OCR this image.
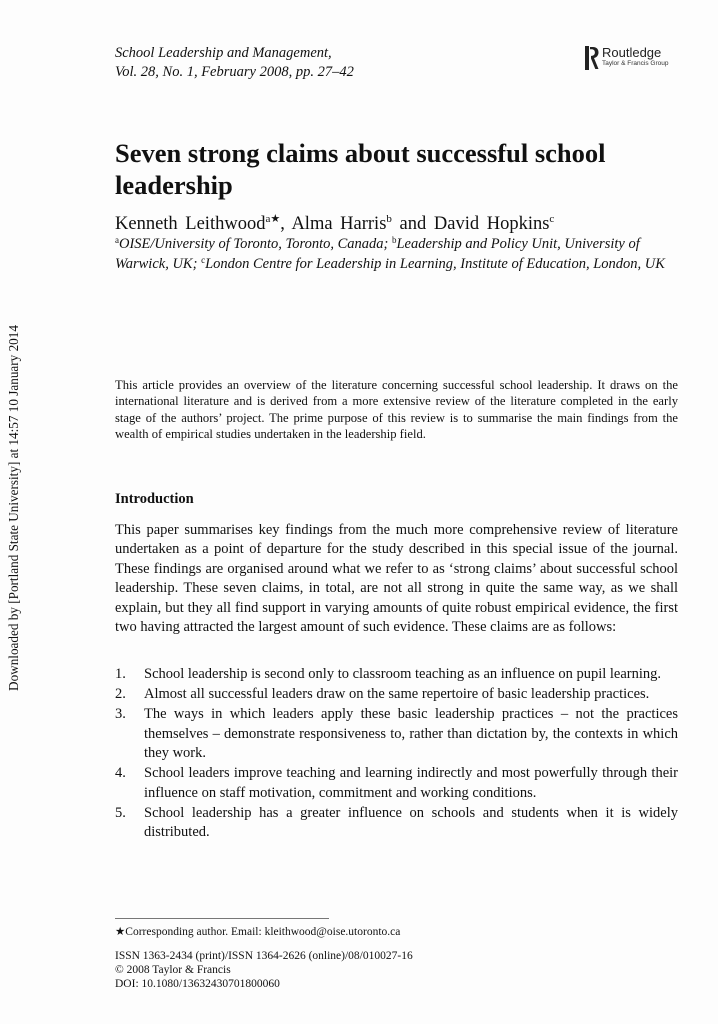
School Leadership and Management,
Vol. 28, No. 1, February 2008, pp. 27–42
Routledge
Taylor & Francis Group
Seven strong claims about successful school leadership
Kenneth Leithwood$^{a★}$, Alma Harris$^b$ and David Hopkins$^c$
$^a$OISE/University of Toronto, Toronto, Canada; $^b$Leadership and Policy Unit, University of Warwick, UK; $^c$London Centre for Leadership in Learning, Institute of Education, London, UK
Downloaded by [Portland State University] at 14:57 10 January 2014	This article provides an overview of the literature concerning successful school leadership. It draws on the international literature and is derived from a more extensive review of the literature completed in the early stage of the authors’ project. The prime purpose of this review is to summarise the main findings from the wealth of empirical studies undertaken in the leadership field.

Introduction

This paper summarises key findings from the much more comprehensive review of literature undertaken as a point of departure for the study described in this special issue of the journal. These findings are organised around what we refer to as ‘strong claims’ about successful school leadership. These seven claims, in total, are not all strong in quite the same way, as we shall explain, but they all find support in varying amounts of quite robust empirical evidence, the first two having attracted the largest amount of such evidence. These claims are as follows:

1. School leadership is second only to classroom teaching as an influence on pupil learning.
2. Almost all successful leaders draw on the same repertoire of basic leadership practices.
3. The ways in which leaders apply these basic leadership practices – not the practices themselves – demonstrate responsiveness to, rather than dictation by, the contexts in which they work.
4. School leaders improve teaching and learning indirectly and most powerfully through their influence on staff motivation, commitment and working conditions.
5. School leadership has a greater influence on schools and students when it is widely distributed.
★Corresponding author. Email: kleithwood@oise.utoronto.ca
ISSN 1363-2434 (print)/ISSN 1364-2626 (online)/08/010027-16
© 2008 Taylor & Francis
DOI: 10.1080/13632430701800060
